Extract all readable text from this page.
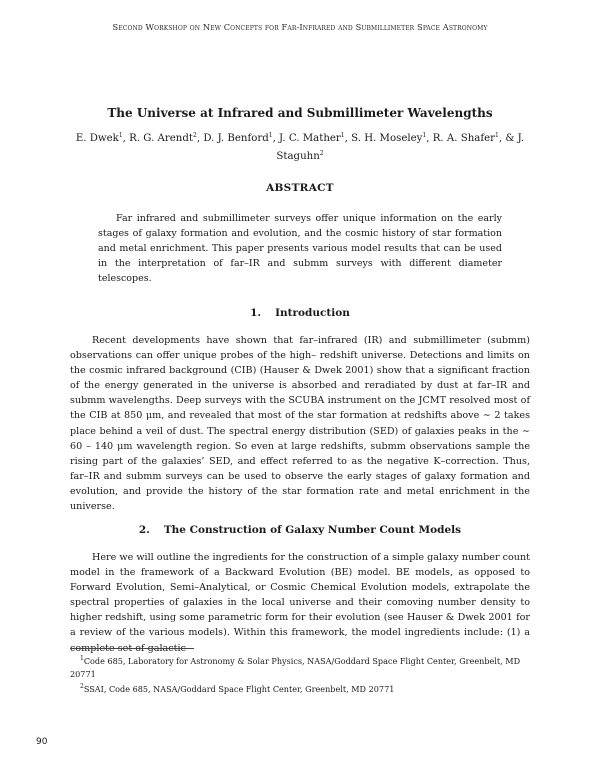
Second Workshop on New Concepts for Far-Infrared and Submillimeter Space Astronomy
The Universe at Infrared and Submillimeter Wavelengths
E. Dwek$^1$, R. G. Arendt$^2$, D. J. Benford$^1$, J. C. Mather$^1$, S. H. Moseley$^1$, R. A. Shafer$^1$, & J. Staguhn$^2$
ABSTRACT

Far infrared and submillimeter surveys offer unique information on the early stages of galaxy formation and evolution, and the cosmic history of star formation and metal enrichment. This paper presents various model results that can be used in the interpretation of far–IR and submm surveys with different diameter telescopes.

1. Introduction

Recent developments have shown that far–infrared (IR) and submillimeter (submm) observations can offer unique probes of the high– redshift universe. Detections and limits on the cosmic infrared background (CIB) (Hauser & Dwek 2001) show that a significant fraction of the energy generated in the universe is absorbed and reradiated by dust at far–IR and submm wavelengths. Deep surveys with the SCUBA instrument on the JCMT resolved most of the CIB at 850 μm, and revealed that most of the star formation at redshifts above ∼ 2 takes place behind a veil of dust. The spectral energy distribution (SED) of galaxies peaks in the ∼ 60 – 140 μm wavelength region. So even at large redshifts, submm observations sample the rising part of the galaxies’ SED, and effect referred to as the negative K–correction. Thus, far–IR and submm surveys can be used to observe the early stages of galaxy formation and evolution, and provide the history of the star formation rate and metal enrichment in the universe.

2. The Construction of Galaxy Number Count Models

Here we will outline the ingredients for the construction of a simple galaxy number count model in the framework of a Backward Evolution (BE) model. BE models, as opposed to Forward Evolution, Semi–Analytical, or Cosmic Chemical Evolution models, extrapolate the spectral properties of galaxies in the local universe and their comoving number density to higher redshift, using some parametric form for their evolution (see Hauser & Dwek 2001 for a review of the various models). Within this framework, the model ingredients include: (1) a complete set of galactic

$^1$Code 685, Laboratory for Astronomy & Solar Physics, NASA/Goddard Space Flight Center, Greenbelt, MD 20771

$^2$SSAI, Code 685, NASA/Goddard Space Flight Center, Greenbelt, MD 20771

90
